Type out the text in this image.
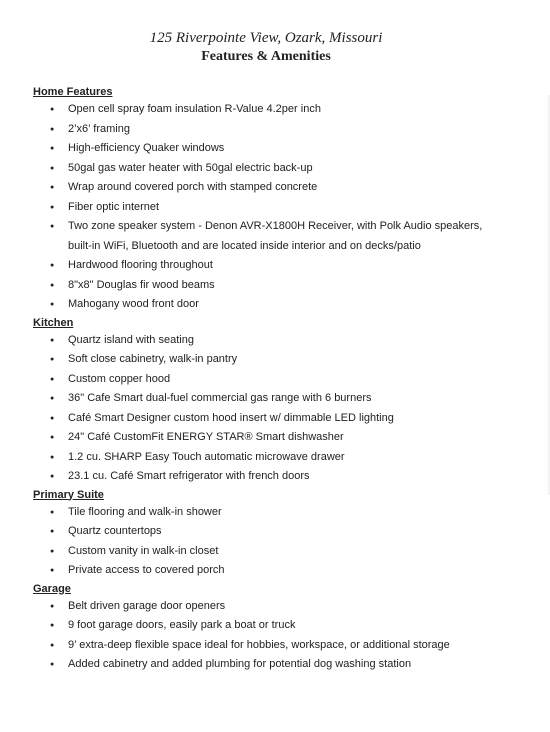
125 Riverpointe View, Ozark, Missouri
Features & Amenities
Home Features
● Open cell spray foam insulation R-Value 4.2per inch
● 2’x6’ framing
● High-efficiency Quaker windows
● 50gal gas water heater with 50gal electric back-up
● Wrap around covered porch with stamped concrete
● Fiber optic internet
● Two zone speaker system - Denon AVR-X1800H Receiver, with Polk Audio speakers, built-in WiFi, Bluetooth and are located inside interior and on decks/patio
● Hardwood flooring throughout
● 8"x8" Douglas fir wood beams
● Mahogany wood front door
Kitchen
● Quartz island with seating
● Soft close cabinetry, walk-in pantry
● Custom copper hood
● 36" Cafe Smart dual-fuel commercial gas range with 6 burners
● Café Smart Designer custom hood insert w/ dimmable LED lighting
● 24" Café CustomFit ENERGY STAR® Smart dishwasher
● 1.2 cu. SHARP Easy Touch automatic microwave drawer
● 23.1 cu. Café Smart refrigerator with french doors
Primary Suite
● Tile flooring and walk-in shower
● Quartz countertops
● Custom vanity in walk-in closet
● Private access to covered porch
Garage
● Belt driven garage door openers
● 9 foot garage doors, easily park a boat or truck
● 9’ extra-deep flexible space ideal for hobbies, workspace, or additional storage
● Added cabinetry and added plumbing for potential dog washing station
